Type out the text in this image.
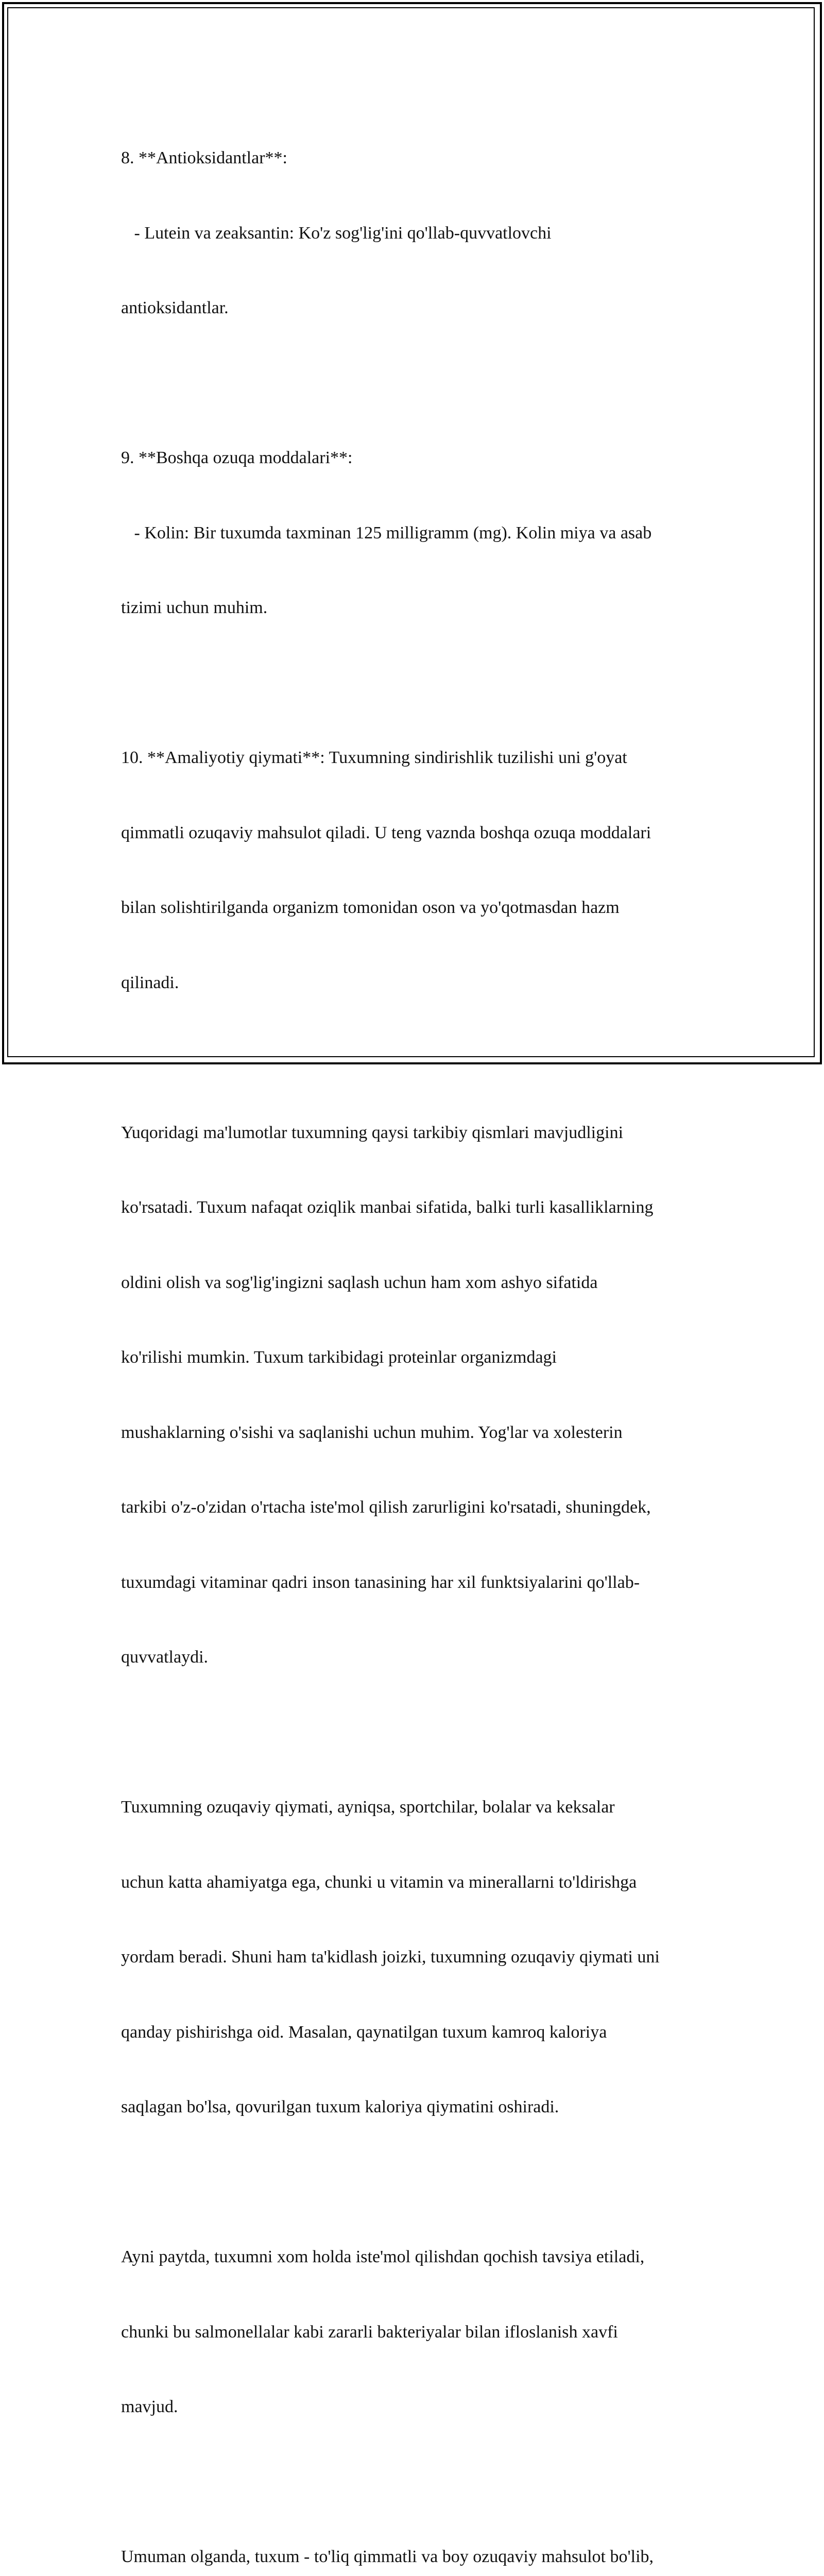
8. **Antioksidantlar**:

- Lutein va zeaksantin: Ko'z sog'lig'ini qo'llab-quvvatlovchi

antioksidantlar.

9. **Boshqa ozuqa moddalari**:

- Kolin: Bir tuxumda taxminan 125 milligramm (mg). Kolin miya va asab

tizimi uchun muhim.

10. **Amaliyotiy qiymati**: Tuxumning sindirishlik tuzilishi uni g'oyat

qimmatli ozuqaviy mahsulot qiladi. U teng vaznda boshqa ozuqa moddalari

bilan solishtirilganda organizm tomonidan oson va yo'qotmasdan hazm

qilinadi.

Yuqoridagi ma'lumotlar tuxumning qaysi tarkibiy qismlari mavjudligini

ko'rsatadi. Tuxum nafaqat oziqlik manbai sifatida, balki turli kasalliklarning

oldini olish va sog'lig'ingizni saqlash uchun ham xom ashyo sifatida

ko'rilishi mumkin. Tuxum tarkibidagi proteinlar organizmdagi

mushaklarning o'sishi va saqlanishi uchun muhim. Yog'lar va xolesterin

tarkibi o'z-o'zidan o'rtacha iste'mol qilish zarurligini ko'rsatadi, shuningdek,

tuxumdagi vitaminar qadri inson tanasining har xil funktsiyalarini qo'llab-

quvvatlaydi.

Tuxumning ozuqaviy qiymati, ayniqsa, sportchilar, bolalar va keksalar

uchun katta ahamiyatga ega, chunki u vitamin va minerallarni to'ldirishga

yordam beradi. Shuni ham ta'kidlash joizki, tuxumning ozuqaviy qiymati uni

qanday pishirishga oid. Masalan, qaynatilgan tuxum kamroq kaloriya

saqlagan bo'lsa, qovurilgan tuxum kaloriya qiymatini oshiradi.

Ayni paytda, tuxumni xom holda iste'mol qilishdan qochish tavsiya etiladi,

chunki bu salmonellalar kabi zararli bakteriyalar bilan ifloslanish xavfi

mavjud.

Umuman olganda, tuxum - to'liq qimmatli va boy ozuqaviy mahsulot bo'lib,
